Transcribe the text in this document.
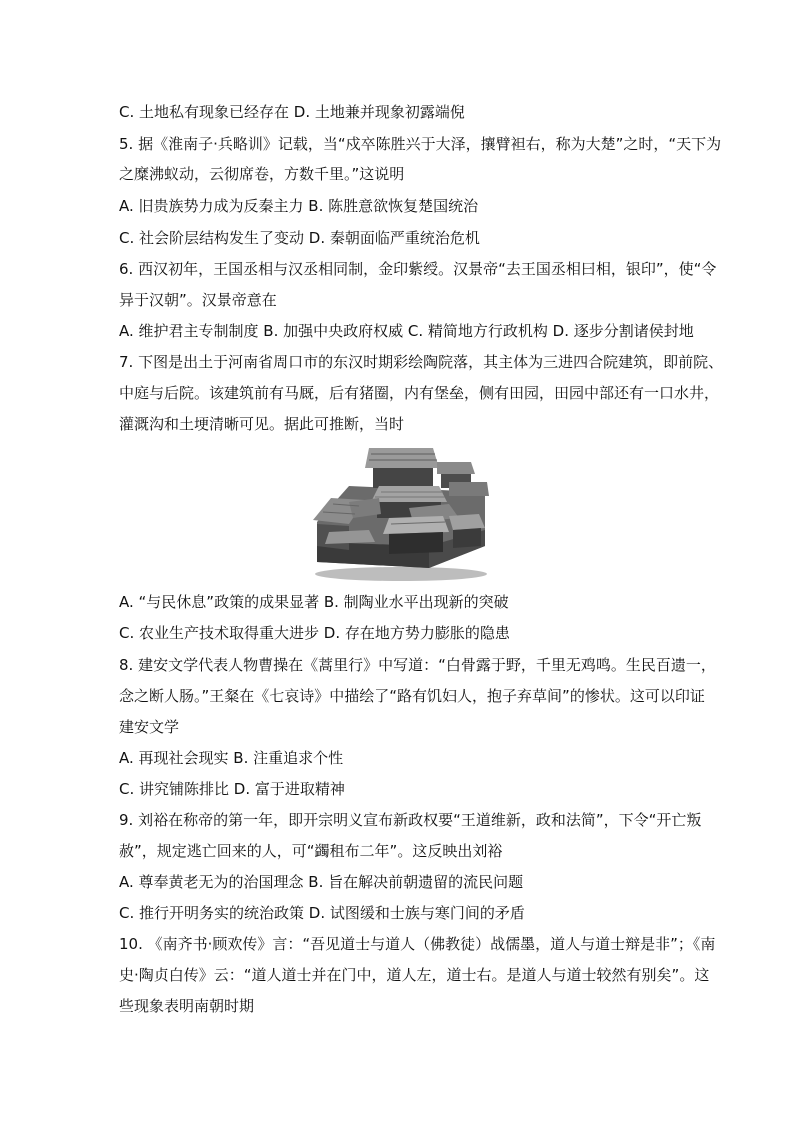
C. 土地私有现象已经存在 D. 土地兼并现象初露端倪
5. 据《淮南子·兵略训》记载，当“戍卒陈胜兴于大泽，攘臂袒右，称为大楚”之时，“天下为
之糜沸蚁动，云彻席卷，方数千里。”这说明
A. 旧贵族势力成为反秦主力 B. 陈胜意欲恢复楚国统治
C. 社会阶层结构发生了变动 D. 秦朝面临严重统治危机
6. 西汉初年，王国丞相与汉丞相同制，金印紫绶。汉景帝“去王国丞相曰相，银印”，使“令
异于汉朝”。汉景帝意在
A. 维护君主专制制度 B. 加强中央政府权威 C. 精简地方行政机构 D. 逐步分割诸侯封地
7. 下图是出土于河南省周口市的东汉时期彩绘陶院落，其主体为三进四合院建筑，即前院、
中庭与后院。该建筑前有马厩，后有猪圈，内有堡垒，侧有田园，田园中部还有一口水井，
灌溉沟和土埂清晰可见。据此可推断，当时
A. “与民休息”政策的成果显著 B. 制陶业水平出现新的突破
C. 农业生产技术取得重大进步 D. 存在地方势力膨胀的隐患
8. 建安文学代表人物曹操在《蒿里行》中写道：“白骨露于野，千里无鸡鸣。生民百遗一，
念之断人肠。”王粲在《七哀诗》中描绘了“路有饥妇人，抱子弃草间”的惨状。这可以印证
建安文学
A. 再现社会现实 B. 注重追求个性
C. 讲究铺陈排比 D. 富于进取精神
9. 刘裕在称帝的第一年，即开宗明义宣布新政权要“王道维新，政和法简”，下令“开亡叛
赦”，规定逃亡回来的人，可“蠲租布二年”。这反映出刘裕
A. 尊奉黄老无为的治国理念 B. 旨在解决前朝遗留的流民问题
C. 推行开明务实的统治政策 D. 试图缓和士族与寒门间的矛盾
10. 《南齐书·顾欢传》言：“吾见道士与道人（佛教徒）战儒墨，道人与道士辩是非”；《南
史·陶贞白传》云：“道人道士并在门中，道人左，道士右。是道人与道士较然有别矣”。这
些现象表明南朝时期
